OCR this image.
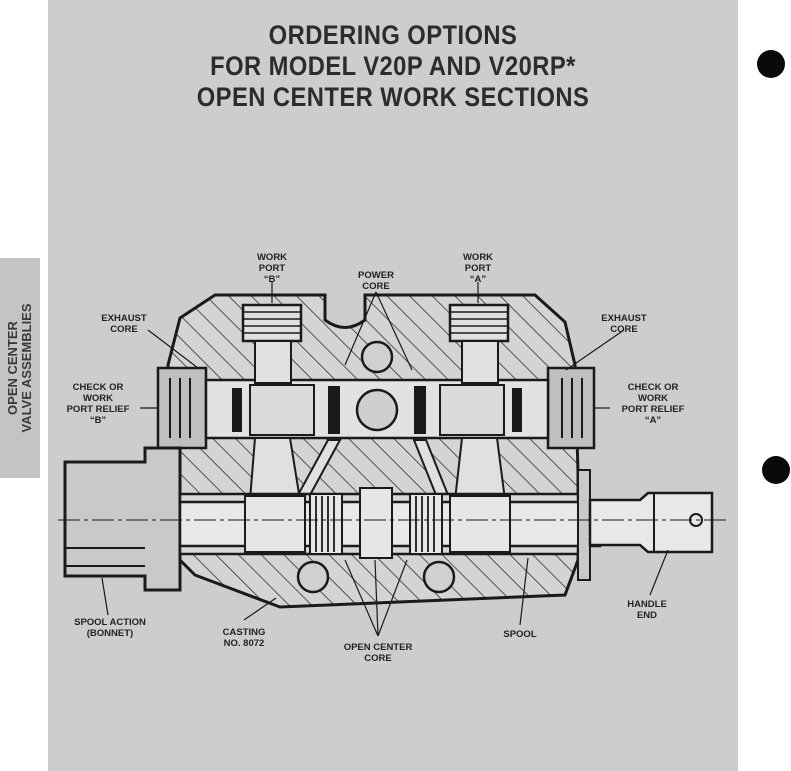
OPEN CENTER VALVE ASSEMBLIES
ORDERING OPTIONS
FOR MODEL V20P AND V20RP*
OPEN CENTER WORK SECTIONS
WORK
PORT
“B”
WORK
PORT
“A”
POWER
CORE
EXHAUST
CORE
EXHAUST
CORE
CHECK OR
WORK
PORT RELIEF
“B”
CHECK OR
WORK
PORT RELIEF
“A”
SPOOL ACTION
(BONNET)	CASTING
NO. 8072	OPEN CENTER
CORE
SPOOL
HANDLE
END
